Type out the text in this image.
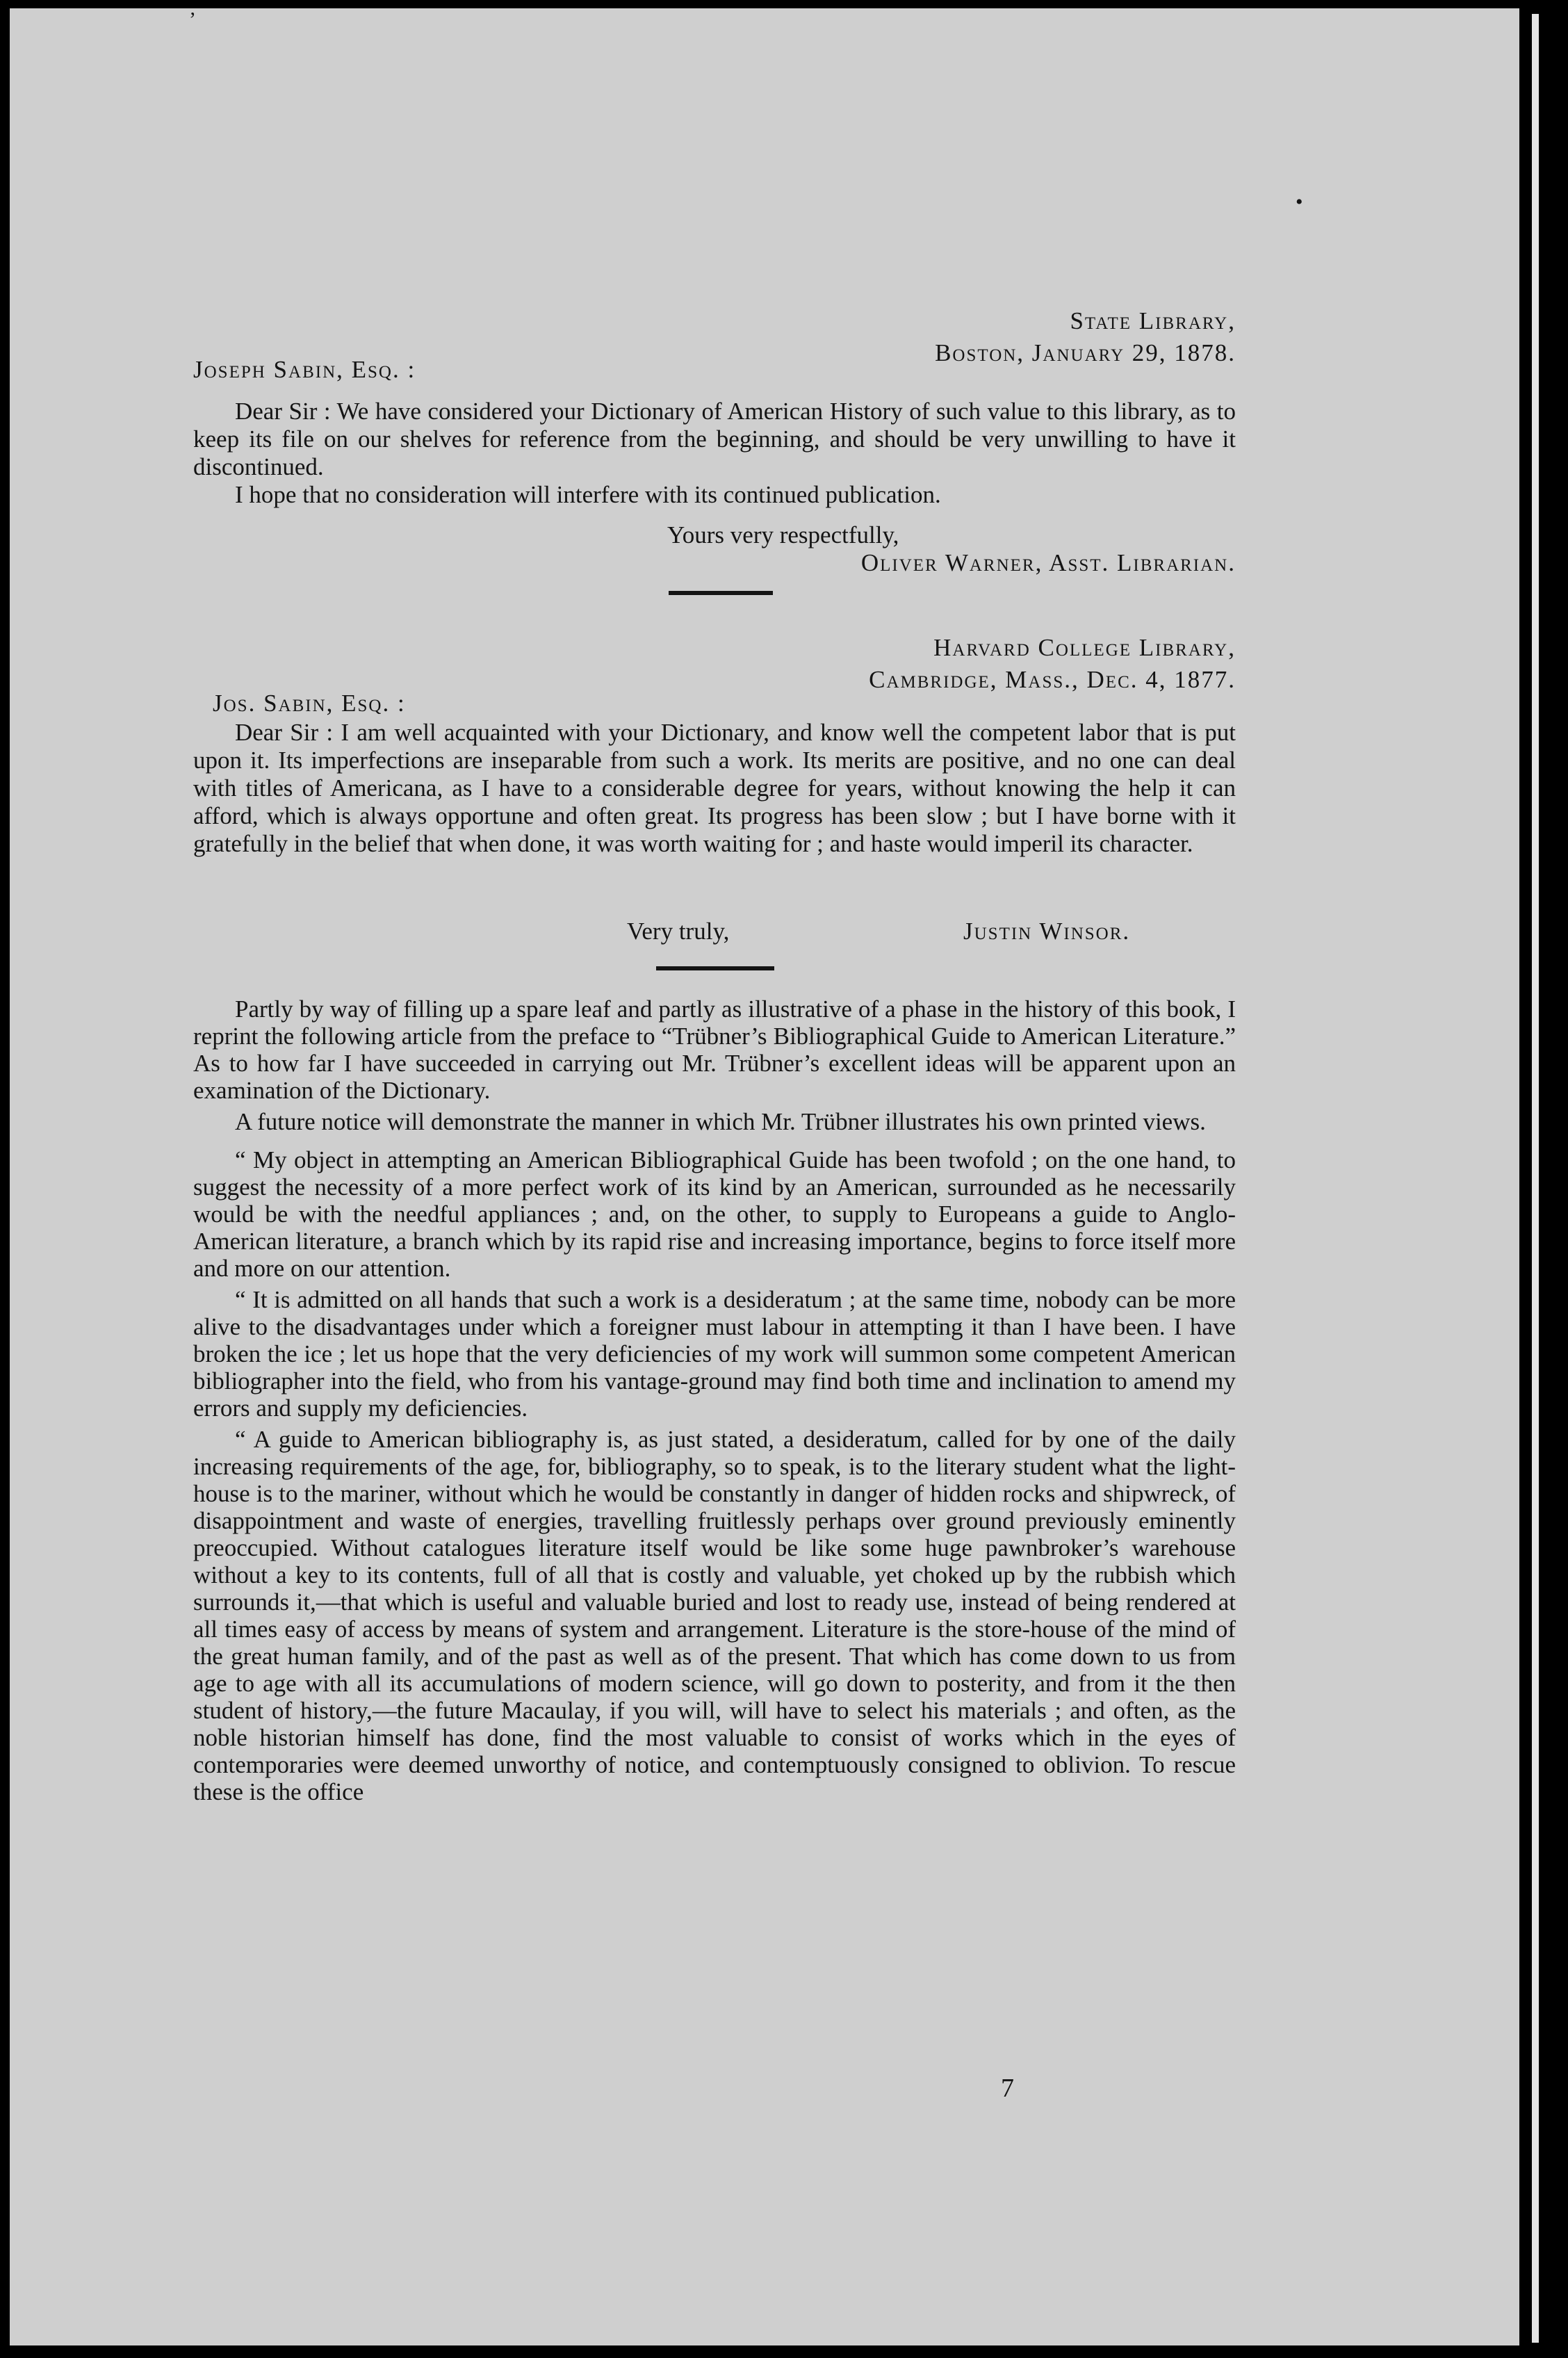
ʼ
•
State Library,
Boston, January 29, 1878.
Joseph Sabin, Esq. :

Dear Sir : We have considered your Dictionary of American History of such value to this library, as to keep its file on our shelves for reference from the beginning, and should be very unwilling to have it discontinued.

I hope that no consideration will interfere with its continued publication.

Yours very respectfully,
Oliver Warner, Asst. Librarian.
Harvard College Library,
Cambridge, Mass., Dec. 4, 1877.
Jos. Sabin, Esq. :

Dear Sir : I am well acquainted with your Dictionary, and know well the competent labor that is put upon it. Its imperfections are inseparable from such a work. Its merits are positive, and no one can deal with titles of Americana, as I have to a considerable degree for years, without knowing the help it can afford, which is always opportune and often great. Its progress has been slow ; but I have borne with it gratefully in the belief that when done, it was worth waiting for ; and haste would imperil its character.

Very truly,	Justin Winsor.

Partly by way of filling up a spare leaf and partly as illustrative of a phase in the history of this book, I reprint the following article from the preface to “Trübner’s Bibliographical Guide to American Literature.” As to how far I have succeeded in carrying out Mr. Trübner’s excellent ideas will be apparent upon an examination of the Dictionary.

A future notice will demonstrate the manner in which Mr. Trübner illustrates his own printed views.

“ My object in attempting an American Bibliographical Guide has been twofold ; on the one hand, to suggest the necessity of a more perfect work of its kind by an American, surrounded as he necessarily would be with the needful appliances ; and, on the other, to supply to Europeans a guide to Anglo-American literature, a branch which by its rapid rise and increasing importance, begins to force itself more and more on our attention.

“ It is admitted on all hands that such a work is a desideratum ; at the same time, nobody can be more alive to the disadvantages under which a foreigner must labour in attempting it than I have been. I have broken the ice ; let us hope that the very deficiencies of my work will summon some competent American bibliographer into the field, who from his vantage-ground may find both time and inclination to amend my errors and supply my deficiencies.

“ A guide to American bibliography is, as just stated, a desideratum, called for by one of the daily increasing requirements of the age, for, bibliography, so to speak, is to the literary student what the light-house is to the mariner, without which he would be constantly in danger of hidden rocks and shipwreck, of disappointment and waste of energies, travelling fruitlessly perhaps over ground previously eminently preoccupied. Without catalogues literature itself would be like some huge pawnbroker’s warehouse without a key to its contents, full of all that is costly and valuable, yet choked up by the rubbish which surrounds it,—that which is useful and valuable buried and lost to ready use, instead of being rendered at all times easy of access by means of system and arrangement. Literature is the store-house of the mind of the great human family, and of the past as well as of the present. That which has come down to us from age to age with all its accumulations of modern science, will go down to posterity, and from it the then student of history,—the future Macaulay, if you will, will have to select his materials ; and often, as the noble historian himself has done, find the most valuable to consist of works which in the eyes of contemporaries were deemed unworthy of notice, and contemptuously consigned to oblivion. To rescue these is the office

7
